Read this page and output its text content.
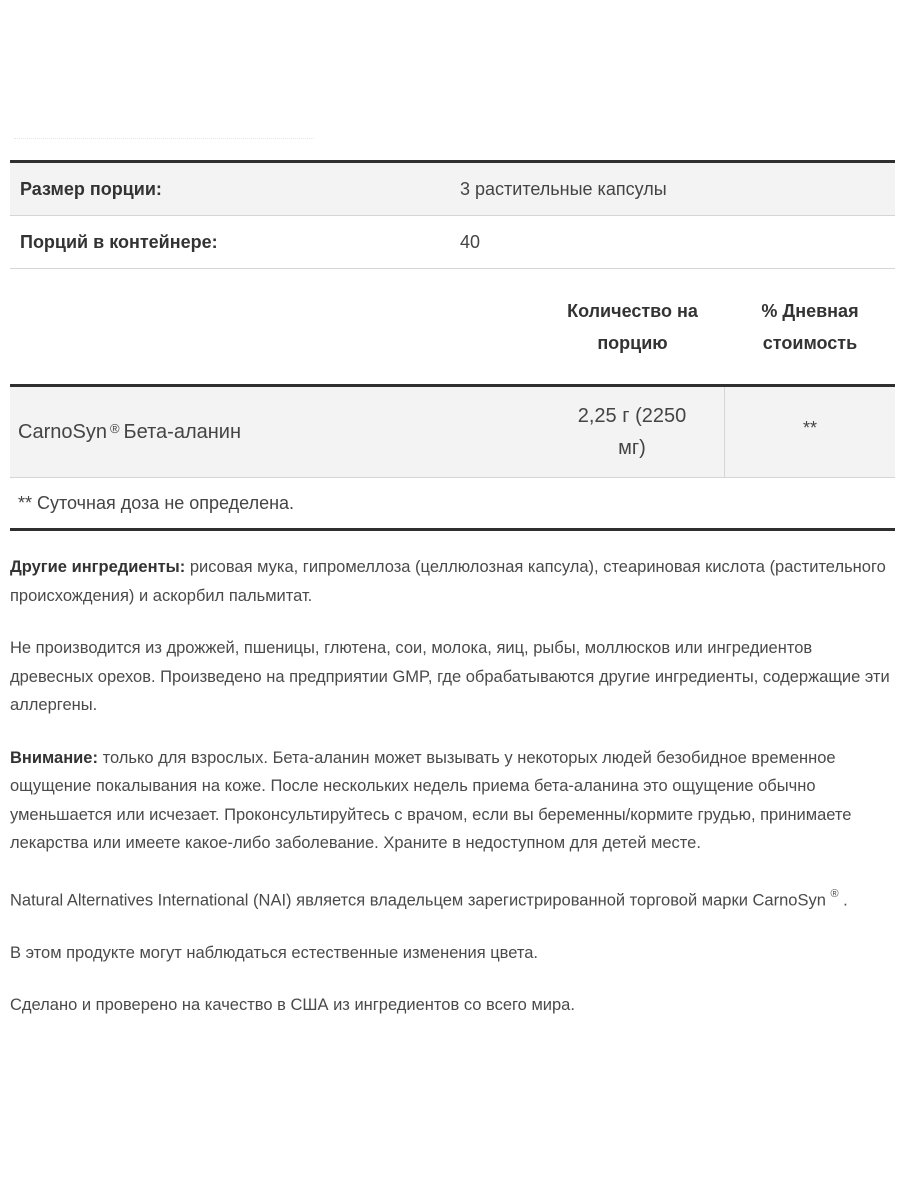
Размер порции:	3 растительные капсулы
Порций в контейнере:	40
Количество на
порцию
% Дневная
стоимость
CarnoSyn® Бета-аланин
2,25 г (2250
мг)
**
** Суточная доза не определена.

Другие ингредиенты: рисовая мука, гипромеллоза (целлюлозная капсула), стеариновая кислота (растительного происхождения) и аскорбил пальмитат.

Не производится из дрожжей, пшеницы, глютена, сои, молока, яиц, рыбы, моллюсков или ингредиентов древесных орехов. Произведено на предприятии GMP, где обрабатываются другие ингредиенты, содержащие эти аллергены.

Внимание: только для взрослых. Бета-аланин может вызывать у некоторых людей безобидное временное ощущение покалывания на коже. После нескольких недель приема бета-аланина это ощущение обычно уменьшается или исчезает. Проконсультируйтесь с врачом, если вы беременны/кормите грудью, принимаете лекарства или имеете какое-либо заболевание. Храните в недоступном для детей месте.

Natural Alternatives International (NAI) является владельцем зарегистрированной торговой марки CarnoSyn ® .

В этом продукте могут наблюдаться естественные изменения цвета.

Сделано и проверено на качество в США из ингредиентов со всего мира.
